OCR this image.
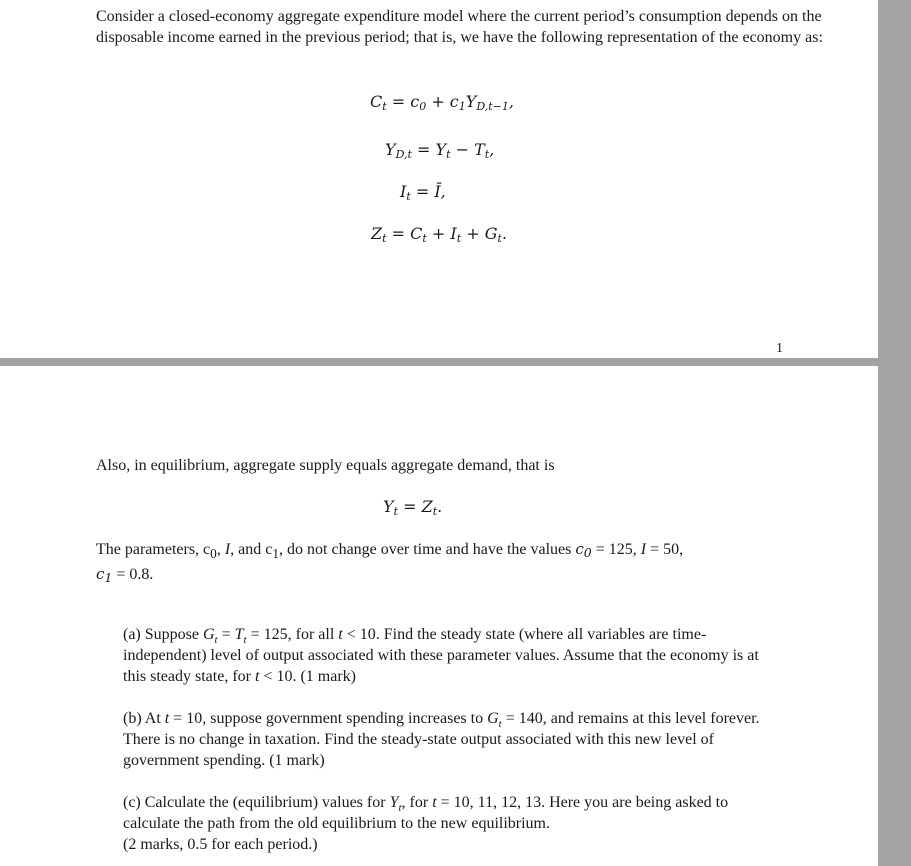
Consider a closed-economy aggregate expenditure model where the current period’s consumption depends on the disposable income earned in the previous period; that is, we have the following representation of the economy as:

$C_t = c_0 + c_1Y_{D,t-1}$,
$Y_{D,t} = Y_t - T_t$,
$I_t$ = Ī,
$Z_t = C_t + I_t + G_t$.
1

Also, in equilibrium, aggregate supply equals aggregate demand, that is

$Y_t = Z_t$.

The parameters, $c_0$, I, and $c_1$, do not change over time and have the values $c_0 = 125$, I = 50,
$c_1 = 0.8$.

(a) Suppose $G_t = T_t = 125$, for all t < 10. Find the steady state (where all variables are time-independent) level of output associated with these parameter values. Assume that the economy is at this steady state, for t < 10. (1 mark)

(b) At t = 10, suppose government spending increases to $G_t = 140$, and remains at this level forever. There is no change in taxation. Find the steady-state output associated with this new level of government spending. (1 mark)

(c) Calculate the (equilibrium) values for $Y_t$, for t = 10, 11, 12, 13. Here you are being asked to calculate the path from the old equilibrium to the new equilibrium.
(2 marks, 0.5 for each period.)
